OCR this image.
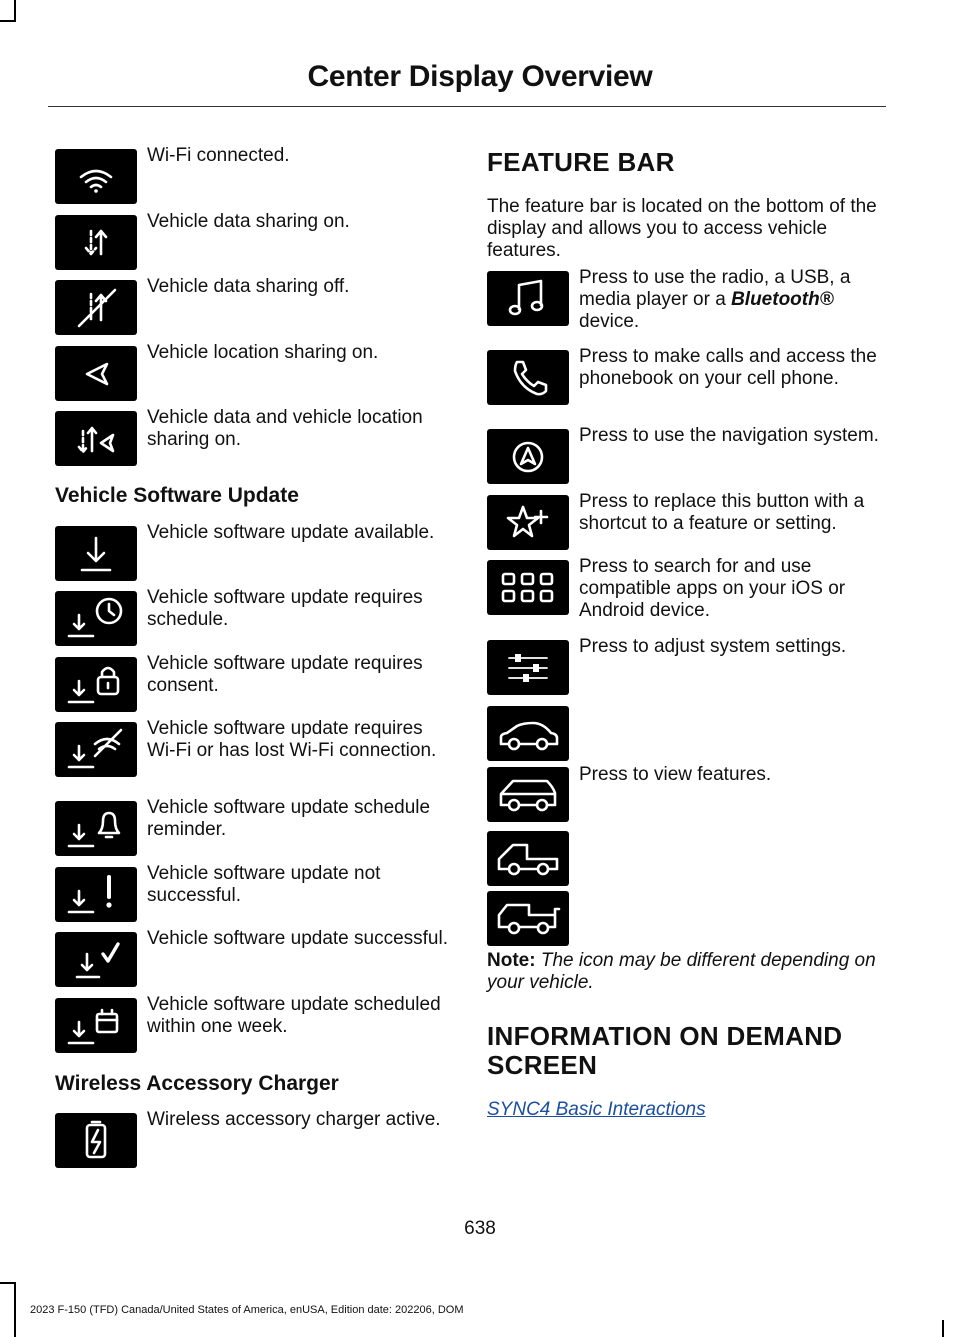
Center Display Overview
Wi-Fi connected.
Vehicle data sharing on.
Vehicle data sharing off.
Vehicle location sharing on.
Vehicle data and vehicle location sharing on.
Vehicle Software Update
Vehicle software update available.
Vehicle software update requires schedule.
Vehicle software update requires consent.
Vehicle software update requires Wi-Fi or has lost Wi-Fi connection.
Vehicle software update schedule reminder.
Vehicle software update not successful.
Vehicle software update successful.
Vehicle software update scheduled within one week.
Wireless Accessory Charger
Wireless accessory charger active.
FEATURE BAR
The feature bar is located on the bottom of the display and allows you to access vehicle features.
Press to use the radio, a USB, a media player or a Bluetooth® device.
Press to make calls and access the phonebook on your cell phone.
Press to use the navigation system.
Press to replace this button with a shortcut to a feature or setting.
Press to search for and use compatible apps on your iOS or Android device.
Press to adjust system settings.
Press to view features.
Note: The icon may be different depending on your vehicle.
INFORMATION ON DEMAND
SCREEN
SYNC4 Basic Interactions
638
2023 F-150 (TFD) Canada/United States of America, enUSA, Edition date: 202206, DOM
